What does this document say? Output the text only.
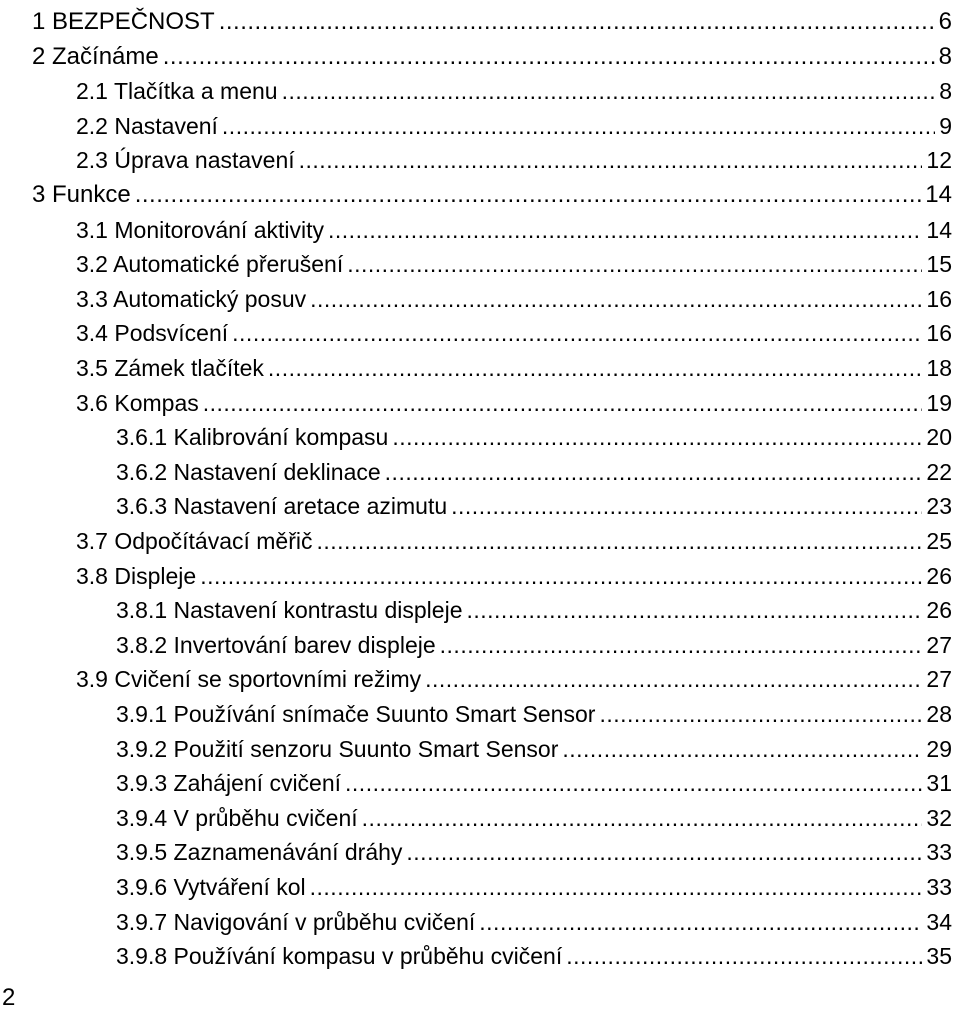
1 BEZPEČNOST .....	6
2 Začínáme .....	8
2.1 Tlačítka a menu .....	8
2.2 Nastavení .....	9
2.3 Úprava nastavení .....	12
3 Funkce .....	14
3.1 Monitorování aktivity .....	14
3.2 Automatické přerušení .....	15
3.3 Automatický posuv .....	16
3.4 Podsvícení .....	16
3.5 Zámek tlačítek .....	18
3.6 Kompas .....	19
3.6.1 Kalibrování kompasu .....	20
3.6.2 Nastavení deklinace .....	22
3.6.3 Nastavení aretace azimutu .....	23
3.7 Odpočítávací měřič .....	25
3.8 Displeje .....	26
3.8.1 Nastavení kontrastu displeje .....	26
3.8.2 Invertování barev displeje .....	27
3.9 Cvičení se sportovními režimy .....	27
3.9.1 Používání snímače Suunto Smart Sensor .....	28
3.9.2 Použití senzoru Suunto Smart Sensor .....	29
3.9.3 Zahájení cvičení .....	31
3.9.4 V průběhu cvičení .....	32
3.9.5 Zaznamenávání dráhy .....	33
3.9.6 Vytváření kol .....	33
3.9.7 Navigování v průběhu cvičení .....	34
3.9.8 Používání kompasu v průběhu cvičení .....	35
2
